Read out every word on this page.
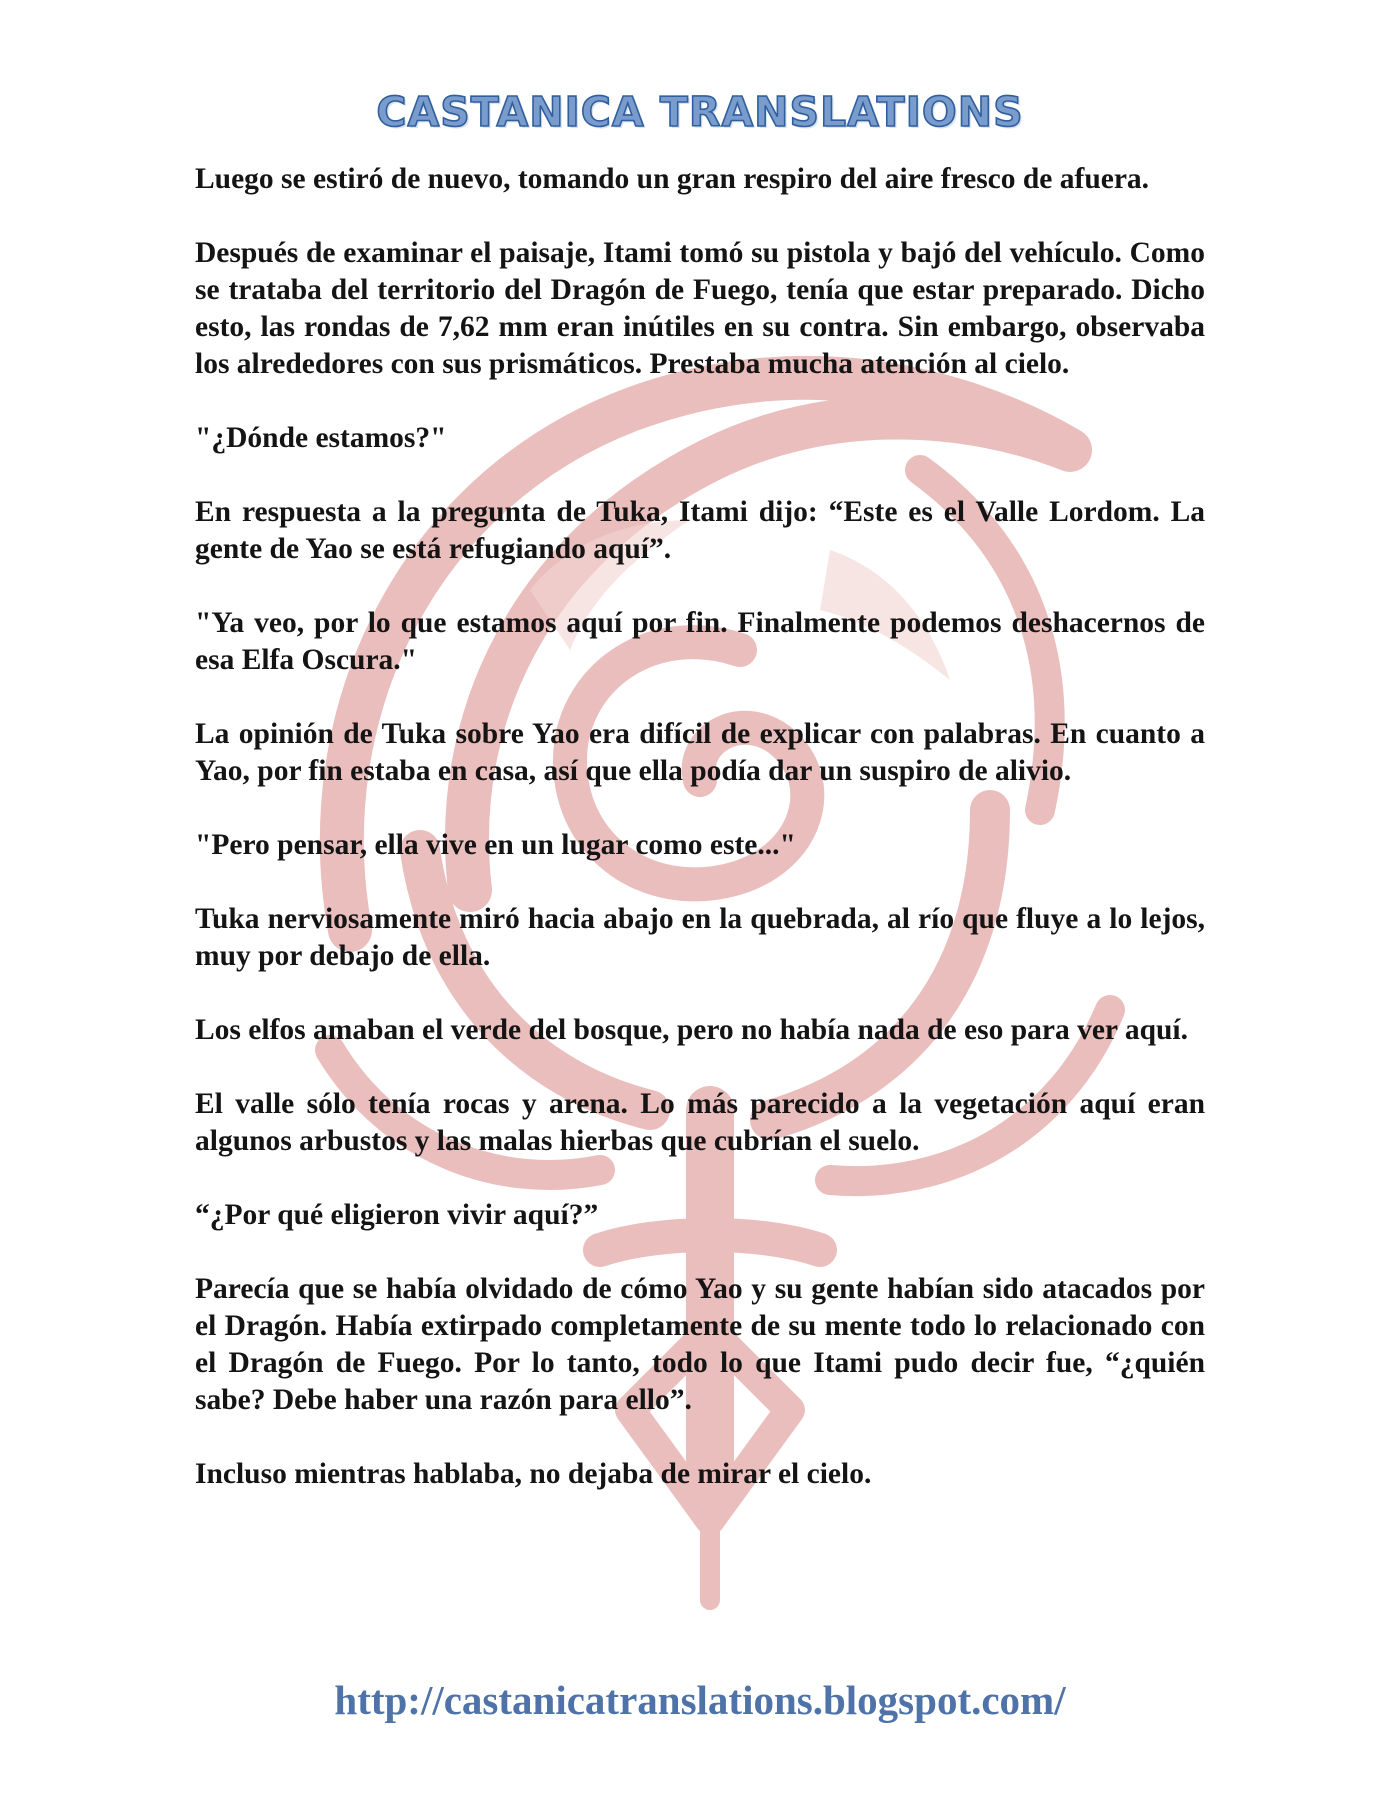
CASTANICA TRANSLATIONS

Luego se estiró de nuevo, tomando un gran respiro del aire fresco de afuera.

Después de examinar el paisaje, Itami tomó su pistola y bajó del vehículo. Como se trataba del territorio del Dragón de Fuego, tenía que estar preparado. Dicho esto, las rondas de 7,62 mm eran inútiles en su contra. Sin embargo, observaba los alrededores con sus prismáticos. Prestaba mucha atención al cielo.

"¿Dónde estamos?"

En respuesta a la pregunta de Tuka, Itami dijo: “Este es el Valle Lordom. La gente de Yao se está refugiando aquí”.

"Ya veo, por lo que estamos aquí por fin. Finalmente podemos deshacernos de esa Elfa Oscura."

La opinión de Tuka sobre Yao era difícil de explicar con palabras. En cuanto a Yao, por fin estaba en casa, así que ella podía dar un suspiro de alivio.

"Pero pensar, ella vive en un lugar como este..."

Tuka nerviosamente miró hacia abajo en la quebrada, al río que fluye a lo lejos, muy por debajo de ella.

Los elfos amaban el verde del bosque, pero no había nada de eso para ver aquí.

El valle sólo tenía rocas y arena. Lo más parecido a la vegetación aquí eran algunos arbustos y las malas hierbas que cubrían el suelo.

“¿Por qué eligieron vivir aquí?”

Parecía que se había olvidado de cómo Yao y su gente habían sido atacados por el Dragón. Había extirpado completamente de su mente todo lo relacionado con el Dragón de Fuego. Por lo tanto, todo lo que Itami pudo decir fue, “¿quién sabe? Debe haber una razón para ello”.

Incluso mientras hablaba, no dejaba de mirar el cielo.

http://castanicatranslations.blogspot.com/
